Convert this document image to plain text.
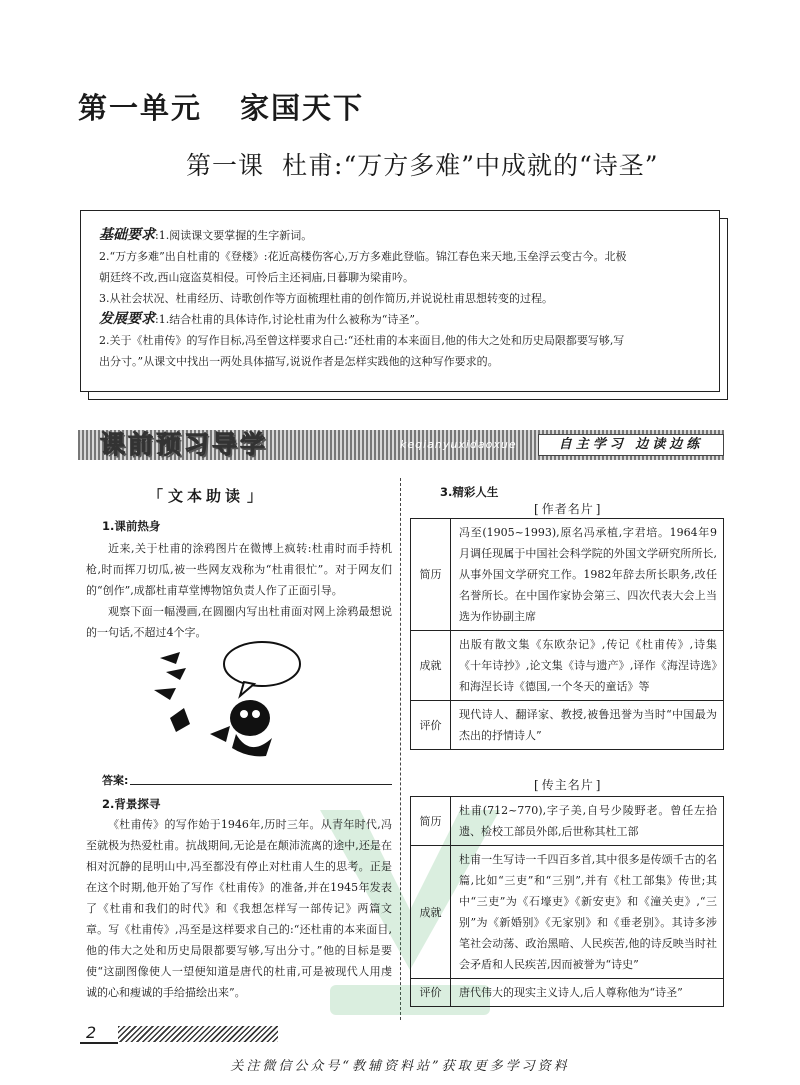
第一单元 家国天下
第一课 杜甫:“万方多难”中成就的“诗圣”
基础要求:1.阅读课文要掌握的生字新词。
2.“万方多难”出自杜甫的《登楼》:花近高楼伤客心,万方多难此登临。锦江春色来天地,玉垒浮云变古今。北极
朝廷终不改,西山寇盗莫相侵。可怜后主还祠庙,日暮聊为梁甫吟。
3.从社会状况、杜甫经历、诗歌创作等方面梳理杜甫的创作简历,并说说杜甫思想转变的过程。
发展要求:1.结合杜甫的具体诗作,讨论杜甫为什么被称为“诗圣”。
2.关于《杜甫传》的写作目标,冯至曾这样要求自己:“还杜甫的本来面目,他的伟大之处和历史局限都要写够,写
出分寸。”从课文中找出一两处具体描写,说说作者是怎样实践他的这种写作要求的。
课前预习导学	keqianyuxidaoxue	自主学习 边读边练
「 文本助读 」
1.课前热身

近来,关于杜甫的涂鸦图片在微博上疯转:杜甫时而手持机枪,时而挥刀切瓜,被一些网友戏称为“杜甫很忙”。对于网友们的“创作”,成都杜甫草堂博物馆负责人作了正面引导。

观察下面一幅漫画,在圆圈内写出杜甫面对网上涂鸦最想说的一句话,不超过4个字。

答案:
2.背景探寻

《杜甫传》的写作始于1946年,历时三年。从青年时代,冯至就极为热爱杜甫。抗战期间,无论是在颠沛流离的途中,还是在相对沉静的昆明山中,冯至都没有停止对杜甫人生的思考。正是在这个时期,他开始了写作《杜甫传》的准备,并在1945年发表了《杜甫和我们的时代》和《我想怎样写一部传记》两篇文章。写《杜甫传》,冯至是这样要求自己的:“还杜甫的本来面目,他的伟大之处和历史局限都要写够,写出分寸。”他的目标是要使“这副图像使人一望便知道是唐代的杜甫,可是被现代人用虔诚的心和瘦诚的手给描绘出来”。

3.精彩人生
[ 作者名片 ]
简历	冯至(1905~1993),原名冯承植,字君培。1964年9月调任现属于中国社会科学院的外国文学研究所所长,从事外国文学研究工作。1982年辞去所长职务,改任名誉所长。在中国作家协会第三、四次代表大会上当选为作协副主席
成就	出版有散文集《东欧杂记》,传记《杜甫传》,诗集《十年诗抄》,论文集《诗与遗产》,译作《海涅诗选》和海涅长诗《德国,一个冬天的童话》等
评价	现代诗人、翻译家、教授,被鲁迅誉为当时“中国最为杰出的抒情诗人”
[ 传主名片 ]
简历	杜甫(712~770),字子美,自号少陵野老。曾任左拾遗、检校工部员外郎,后世称其杜工部
成就	杜甫一生写诗一千四百多首,其中很多是传颂千古的名篇,比如“三吏”和“三别”,并有《杜工部集》传世;其中“三吏”为《石壕吏》《新安吏》和《潼关吏》,“三别”为《新婚别》《无家别》和《垂老别》。其诗多涉笔社会动荡、政治黑暗、人民疾苦,他的诗反映当时社会矛盾和人民疾苦,因而被誉为“诗史”
评价	唐代伟大的现实主义诗人,后人尊称他为“诗圣”
2
关注微信公众号“教辅资料站”获取更多学习资料
